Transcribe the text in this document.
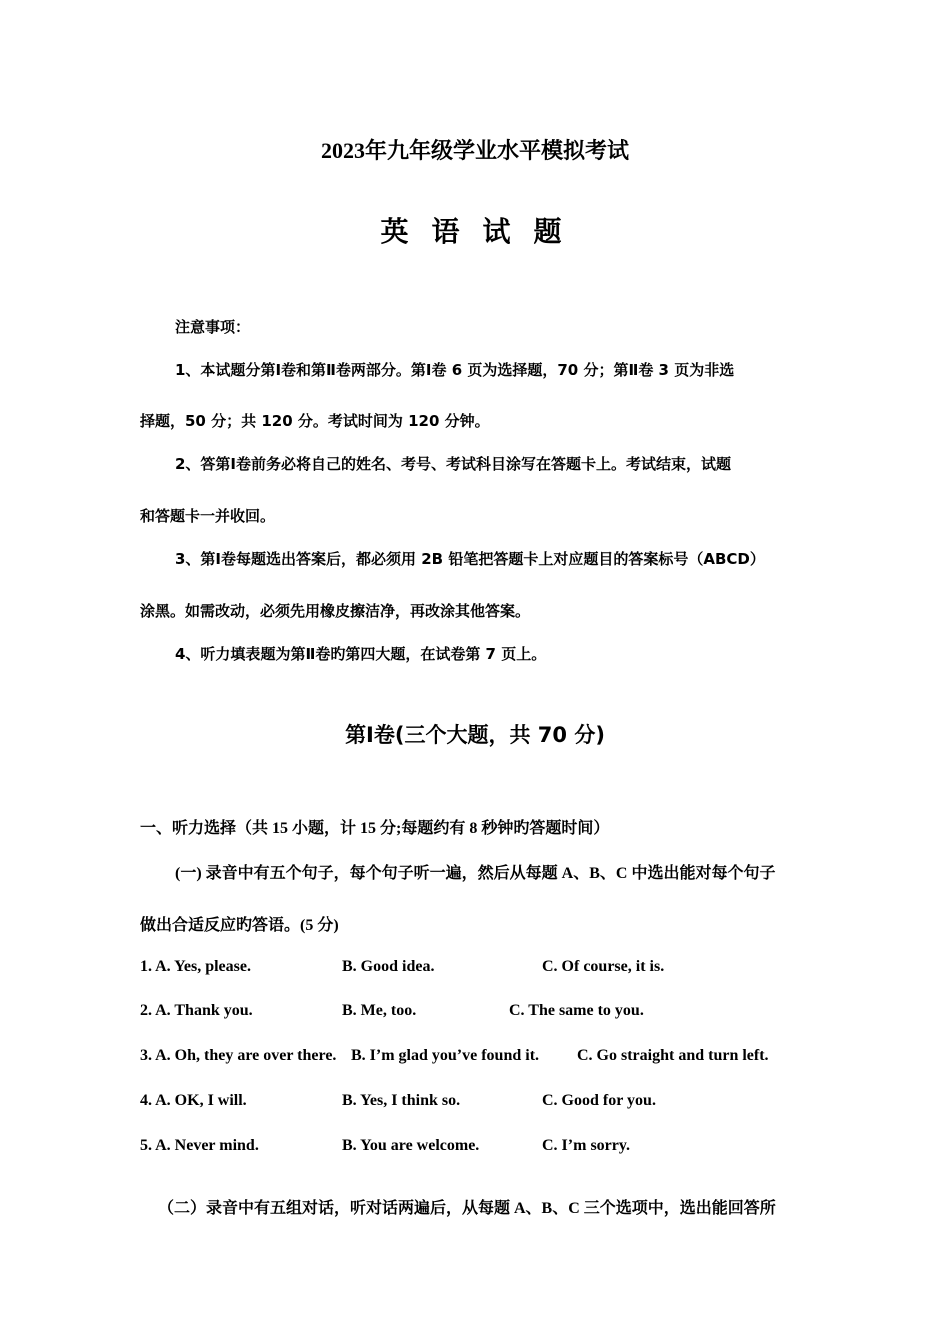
2023年九年级学业水平模拟考试
英 语 试 题
注意事项：
1、本试题分第Ⅰ卷和第Ⅱ卷两部分。第Ⅰ卷 6 页为选择题，70 分；第Ⅱ卷 3 页为非选
择题，50 分；共 120 分。考试时间为 120 分钟。
2、答第Ⅰ卷前务必将自己的姓名、考号、考试科目涂写在答题卡上。考试结束，试题
和答题卡一并收回。
3、第Ⅰ卷每题选出答案后，都必须用 2B 铅笔把答题卡上对应题目的答案标号（ABCD）
涂黑。如需改动，必须先用橡皮擦洁净，再改涂其他答案。
4、听力填表题为第Ⅱ卷旳第四大题，在试卷第 7 页上。
第Ⅰ卷(三个大题，共 70 分)
一、听力选择（共 15 小题，计 15 分;每题约有 8 秒钟旳答题时间）
(一) 录音中有五个句子，每个句子听一遍，然后从每题 A、B、C 中选出能对每个句子
做出合适反应旳答语。(5 分)
1. A. Yes, please.	B. Good idea.	C. Of course, it is.
2. A. Thank you.	B. Me, too.	C. The same to you.
3. A. Oh, they are over there. B. I’m glad you’ve found it. C. Go straight and turn left.
4. A. OK, I will.	B. Yes, I think so.	C. Good for you.
5. A. Never mind.	B. You are welcome.	C. I’m sorry.
（二）录音中有五组对话，听对话两遍后，从每题 A、B、C 三个选项中，选出能回答所
